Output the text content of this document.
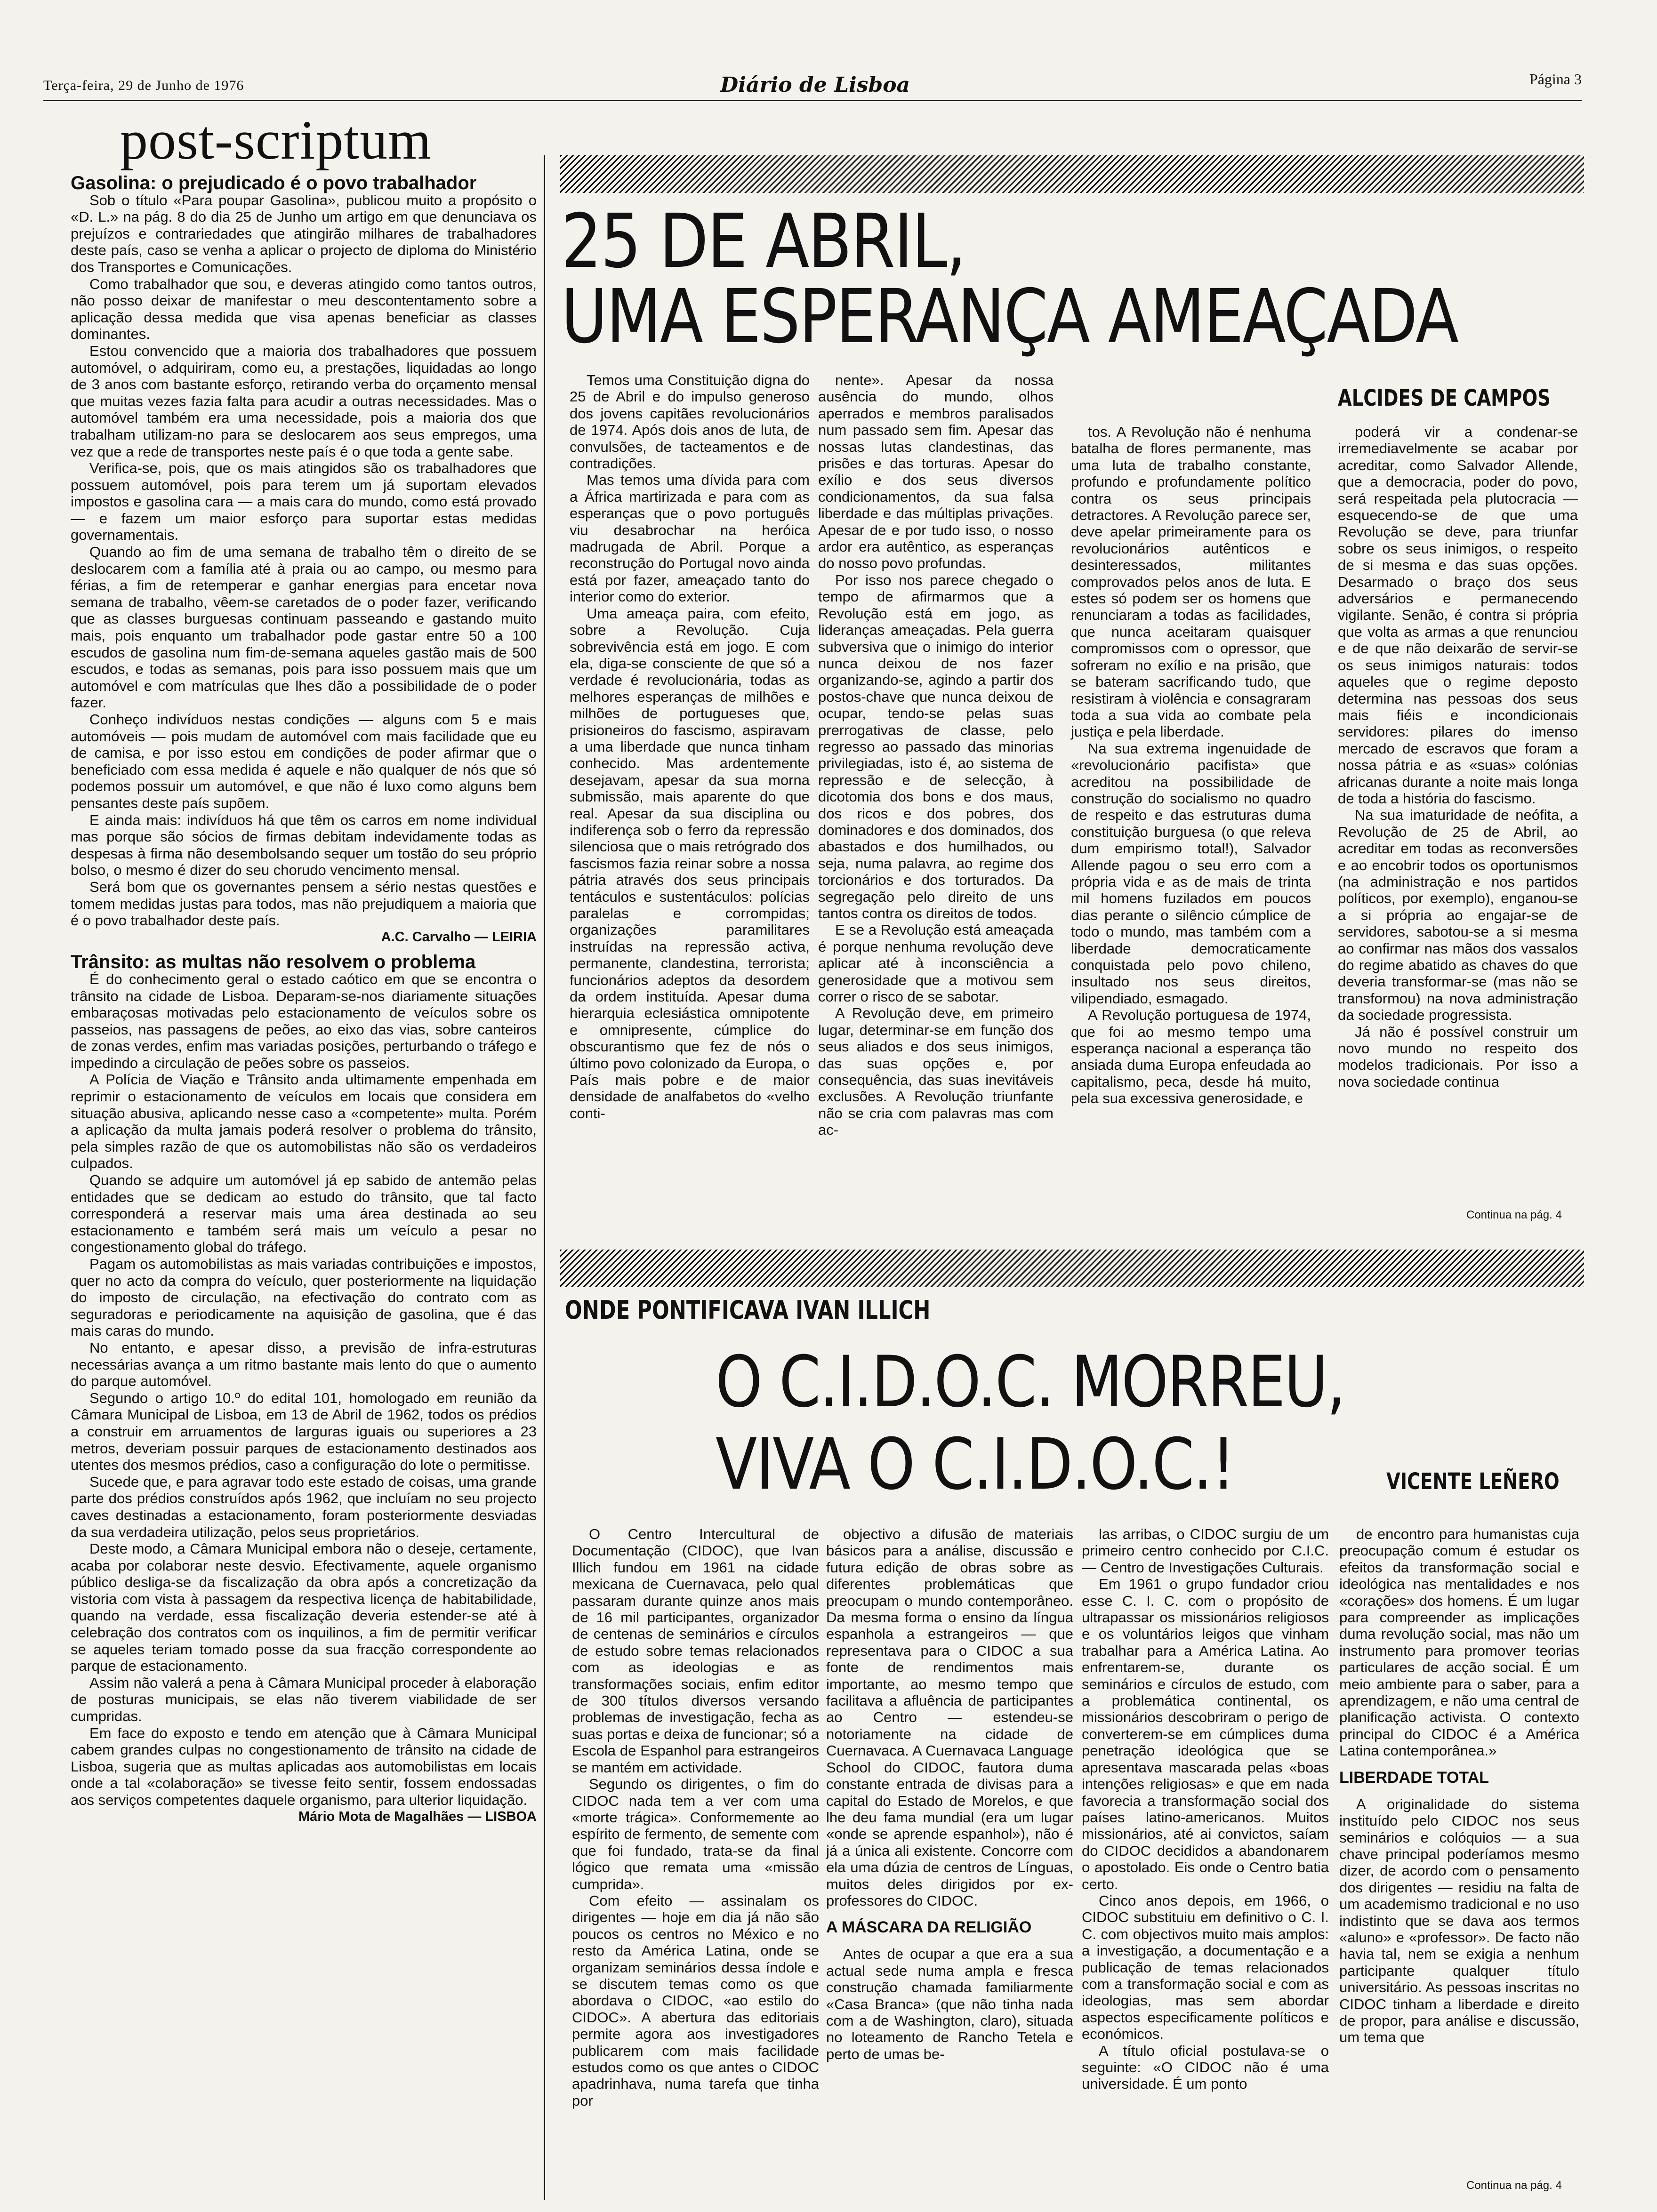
Terça-feira, 29 de Junho de 1976	Diário de Lisboa	Página 3
post-scriptum
Gasolina: o prejudicado é o povo trabalhador

Sob o título «Para poupar Gasolina», publicou muito a propósito o «D. L.» na pág. 8 do dia 25 de Junho um artigo em que denunciava os prejuízos e contrariedades que atingirão milhares de trabalhadores deste país, caso se venha a aplicar o projecto de diploma do Ministério dos Transportes e Comunicações.

Como trabalhador que sou, e deveras atingido como tantos outros, não posso deixar de manifestar o meu descontentamento sobre a aplicação dessa medida que visa apenas beneficiar as classes dominantes.

Estou convencido que a maioria dos trabalhadores que possuem automóvel, o adquiriram, como eu, a prestações, liquidadas ao longo de 3 anos com bastante esforço, retirando verba do orçamento mensal que muitas vezes fazia falta para acudir a outras necessidades. Mas o automóvel também era uma necessidade, pois a maioria dos que trabalham utilizam-no para se deslocarem aos seus empregos, uma vez que a rede de transportes neste país é o que toda a gente sabe.

Verifica-se, pois, que os mais atingidos são os trabalhadores que possuem automóvel, pois para terem um já suportam elevados impostos e gasolina cara — a mais cara do mundo, como está provado — e fazem um maior esforço para suportar estas medidas governamentais.

Quando ao fim de uma semana de trabalho têm o direito de se deslocarem com a família até à praia ou ao campo, ou mesmo para férias, a fim de retemperar e ganhar energias para encetar nova semana de trabalho, vêem-se caretados de o poder fazer, verificando que as classes burguesas continuam passeando e gastando muito mais, pois enquanto um trabalhador pode gastar entre 50 a 100 escudos de gasolina num fim-de-semana aqueles gastão mais de 500 escudos, e todas as semanas, pois para isso possuem mais que um automóvel e com matrículas que lhes dão a possibilidade de o poder fazer.

Conheço indivíduos nestas condições — alguns com 5 e mais automóveis — pois mudam de automóvel com mais facilidade que eu de camisa, e por isso estou em condições de poder afirmar que o beneficiado com essa medida é aquele e não qualquer de nós que só podemos possuir um automóvel, e que não é luxo como alguns bem pensantes deste país supõem.

E ainda mais: indivíduos há que têm os carros em nome individual mas porque são sócios de firmas debitam indevidamente todas as despesas à firma não desembolsando sequer um tostão do seu próprio bolso, o mesmo é dizer do seu chorudo vencimento mensal.

Será bom que os governantes pensem a sério nestas questões e tomem medidas justas para todos, mas não prejudiquem a maioria que é o povo trabalhador deste país.

A.C. Carvalho — LEIRIA
Trânsito: as multas não resolvem o problema

É do conhecimento geral o estado caótico em que se encontra o trânsito na cidade de Lisboa. Deparam-se-nos diariamente situações embaraçosas motivadas pelo estacionamento de veículos sobre os passeios, nas passagens de peões, ao eixo das vias, sobre canteiros de zonas verdes, enfim mas variadas posições, perturbando o tráfego e impedindo a circulação de peões sobre os passeios.

A Polícia de Viação e Trânsito anda ultimamente empenhada em reprimir o estacionamento de veículos em locais que considera em situação abusiva, aplicando nesse caso a «competente» multa. Porém a aplicação da multa jamais poderá resolver o problema do trânsito, pela simples razão de que os automobilistas não são os verdadeiros culpados.

Quando se adquire um automóvel já ep sabido de antemão pelas entidades que se dedicam ao estudo do trânsito, que tal facto corresponderá a reservar mais uma área destinada ao seu estacionamento e também será mais um veículo a pesar no congestionamento global do tráfego.

Pagam os automobilistas as mais variadas contribuições e impostos, quer no acto da compra do veículo, quer posteriormente na liquidação do imposto de circulação, na efectivação do contrato com as seguradoras e periodicamente na aquisição de gasolina, que é das mais caras do mundo.

No entanto, e apesar disso, a previsão de infra-estruturas necessárias avança a um ritmo bastante mais lento do que o aumento do parque automóvel.

Segundo o artigo 10.º do edital 101, homologado em reunião da Câmara Municipal de Lisboa, em 13 de Abril de 1962, todos os prédios a construir em arruamentos de larguras iguais ou superiores a 23 metros, deveriam possuir parques de estacionamento destinados aos utentes dos mesmos prédios, caso a configuração do lote o permitisse.

Sucede que, e para agravar todo este estado de coisas, uma grande parte dos prédios construídos após 1962, que incluíam no seu projecto caves destinadas a estacionamento, foram posteriormente desviadas da sua verdadeira utilização, pelos seus proprietários.

Deste modo, a Câmara Municipal embora não o deseje, certamente, acaba por colaborar neste desvio. Efectivamente, aquele organismo público desliga-se da fiscalização da obra após a concretização da vistoria com vista à passagem da respectiva licença de habitabilidade, quando na verdade, essa fiscalização deveria estender-se até à celebração dos contratos com os inquilinos, a fim de permitir verificar se aqueles teriam tomado posse da sua fracção correspondente ao parque de estacionamento.

Assim não valerá a pena à Câmara Municipal proceder à elaboração de posturas municipais, se elas não tiverem viabilidade de ser cumpridas.

Em face do exposto e tendo em atenção que à Câmara Municipal cabem grandes culpas no congestionamento de trânsito na cidade de Lisboa, sugeria que as multas aplicadas aos automobilistas em locais onde a tal «colaboração» se tivesse feito sentir, fossem endossadas aos serviços competentes daquele organismo, para ulterior liquidação.

Mário Mota de Magalhães — LISBOA
25 DE ABRIL,
UMA ESPERANÇA AMEAÇADA
ALCIDES DE CAMPOS

Temos uma Constituição digna do 25 de Abril e do impulso generoso dos jovens capitães revolucionários de 1974. Após dois anos de luta, de convulsões, de tacteamentos e de contradições.

Mas temos uma dívida para com a África martirizada e para com as esperanças que o povo português viu desabrochar na heróica madrugada de Abril. Porque a reconstrução do Portugal novo ainda está por fazer, ameaçado tanto do interior como do exterior.

Uma ameaça paira, com efeito, sobre a Revolução. Cuja sobrevivência está em jogo. E com ela, diga-se consciente de que só a verdade é revolucionária, todas as melhores esperanças de milhões e milhões de portugueses que, prisioneiros do fascismo, aspiravam a uma liberdade que nunca tinham conhecido. Mas ardentemente desejavam, apesar da sua morna submissão, mais aparente do que real. Apesar da sua disciplina ou indiferença sob o ferro da repressão silenciosa que o mais retrógrado dos fascismos fazia reinar sobre a nossa pátria através dos seus principais tentáculos e sustentáculos: polícias paralelas e corrompidas; organizações paramilitares instruídas na repressão activa, permanente, clandestina, terrorista; funcionários adeptos da desordem da ordem instituída. Apesar duma hierarquia eclesiástica omnipotente e omnipresente, cúmplice do obscurantismo que fez de nós o último povo colonizado da Europa, o País mais pobre e de maior densidade de analfabetos do «velho conti-

nente». Apesar da nossa ausência do mundo, olhos aperrados e membros paralisados num passado sem fim. Apesar das nossas lutas clandestinas, das prisões e das torturas. Apesar do exílio e dos seus diversos condicionamentos, da sua falsa liberdade e das múltiplas privações. Apesar de e por tudo isso, o nosso ardor era autêntico, as esperanças do nosso povo profundas.

Por isso nos parece chegado o tempo de afirmarmos que a Revolução está em jogo, as lideranças ameaçadas. Pela guerra subversiva que o inimigo do interior nunca deixou de nos fazer organizando-se, agindo a partir dos postos-chave que nunca deixou de ocupar, tendo-se pelas suas prerrogativas de classe, pelo regresso ao passado das minorias privilegiadas, isto é, ao sistema de repressão e de selecção, à dicotomia dos bons e dos maus, dos ricos e dos pobres, dos dominadores e dos dominados, dos abastados e dos humilhados, ou seja, numa palavra, ao regime dos torcionários e dos torturados. Da segregação pelo direito de uns tantos contra os direitos de todos.

E se a Revolução está ameaçada é porque nenhuma revolução deve aplicar até à inconsciência a generosidade que a motivou sem correr o risco de se sabotar.

A Revolução deve, em primeiro lugar, determinar-se em função dos seus aliados e dos seus inimigos, das suas opções e, por consequência, das suas inevitáveis exclusões. A Revolução triunfante não se cria com palavras mas com ac-

tos. A Revolução não é nenhuma batalha de flores permanente, mas uma luta de trabalho constante, profundo e profundamente político contra os seus principais detractores. A Revolução parece ser, deve apelar primeiramente para os revolucionários autênticos e desinteressados, militantes comprovados pelos anos de luta. E estes só podem ser os homens que renunciaram a todas as facilidades, que nunca aceitaram quaisquer compromissos com o opressor, que sofreram no exílio e na prisão, que se bateram sacrificando tudo, que resistiram à violência e consagraram toda a sua vida ao combate pela justiça e pela liberdade.

Na sua extrema ingenuidade de «revolucionário pacifista» que acreditou na possibilidade de construção do socialismo no quadro de respeito e das estruturas duma constituição burguesa (o que releva dum empirismo total!), Salvador Allende pagou o seu erro com a própria vida e as de mais de trinta mil homens fuzilados em poucos dias perante o silêncio cúmplice de todo o mundo, mas também com a liberdade democraticamente conquistada pelo povo chileno, insultado nos seus direitos, vilipendiado, esmagado.

A Revolução portuguesa de 1974, que foi ao mesmo tempo uma esperança nacional a esperança tão ansiada duma Europa enfeudada ao capitalismo, peca, desde há muito, pela sua excessiva generosidade, e

poderá vir a condenar-se irremediavelmente se acabar por acreditar, como Salvador Allende, que a democracia, poder do povo, será respeitada pela plutocracia — esquecendo-se de que uma Revolução se deve, para triunfar sobre os seus inimigos, o respeito de si mesma e das suas opções. Desarmado o braço dos seus adversários e permanecendo vigilante. Senão, é contra si própria que volta as armas a que renunciou e de que não deixarão de servir-se os seus inimigos naturais: todos aqueles que o regime deposto determina nas pessoas dos seus mais fiéis e incondicionais servidores: pilares do imenso mercado de escravos que foram a nossa pátria e as «suas» colónias africanas durante a noite mais longa de toda a história do fascismo.

Na sua imaturidade de neófita, a Revolução de 25 de Abril, ao acreditar em todas as reconversões e ao encobrir todos os oportunismos (na administração e nos partidos políticos, por exemplo), enganou-se a si própria ao engajar-se de servidores, sabotou-se a si mesma ao confirmar nas mãos dos vassalos do regime abatido as chaves do que deveria transformar-se (mas não se transformou) na nova administração da sociedade progressista.

Já não é possível construir um novo mundo no respeito dos modelos tradicionais. Por isso a nova sociedade continua

Continua na pág. 4
ONDE PONTIFICAVA IVAN ILLICH
O C.I.D.O.C. MORREU,
VIVA O C.I.D.O.C.!	VICENTE LEÑERO

O Centro Intercultural de Documentação (CIDOC), que Ivan Illich fundou em 1961 na cidade mexicana de Cuernavaca, pelo qual passaram durante quinze anos mais de 16 mil participantes, organizador de centenas de seminários e círculos de estudo sobre temas relacionados com as ideologias e as transformações sociais, enfim editor de 300 títulos diversos versando problemas de investigação, fecha as suas portas e deixa de funcionar; só a Escola de Espanhol para estrangeiros se mantém em actividade.

Segundo os dirigentes, o fim do CIDOC nada tem a ver com uma «morte trágica». Conformemente ao espírito de fermento, de semente com que foi fundado, trata-se da final lógico que remata uma «missão cumprida».

Com efeito — assinalam os dirigentes — hoje em dia já não são poucos os centros no México e no resto da América Latina, onde se organizam seminários dessa índole e se discutem temas como os que abordava o CIDOC, «ao estilo do CIDOC». A abertura das editoriais permite agora aos investigadores publicarem com mais facilidade estudos como os que antes o CIDOC apadrinhava, numa tarefa que tinha por

objectivo a difusão de materiais básicos para a análise, discussão e futura edição de obras sobre as diferentes problemáticas que preocupam o mundo contemporâneo. Da mesma forma o ensino da língua espanhola a estrangeiros — que representava para o CIDOC a sua fonte de rendimentos mais importante, ao mesmo tempo que facilitava a afluência de participantes ao Centro — estendeu-se notoriamente na cidade de Cuernavaca. A Cuernavaca Language School do CIDOC, fautora duma constante entrada de divisas para a capital do Estado de Morelos, e que lhe deu fama mundial (era um lugar «onde se aprende espanhol»), não é já a única ali existente. Concorre com ela uma dúzia de centros de Línguas, muitos deles dirigidos por ex-professores do CIDOC.

A MÁSCARA DA RELIGIÃO

Antes de ocupar a que era a sua actual sede numa ampla e fresca construção chamada familiarmente «Casa Branca» (que não tinha nada com a de Washington, claro), situada no loteamento de Rancho Tetela e perto de umas be-

las arribas, o CIDOC surgiu de um primeiro centro conhecido por C.I.C. — Centro de Investigações Culturais.

Em 1961 o grupo fundador criou esse C. I. C. com o propósito de ultrapassar os missionários religiosos e os voluntários leigos que vinham trabalhar para a América Latina. Ao enfrentarem-se, durante os seminários e círculos de estudo, com a problemática continental, os missionários descobriram o perigo de converterem-se em cúmplices duma penetração ideológica que se apresentava mascarada pelas «boas intenções religiosas» e que em nada favorecia a transformação social dos países latino-americanos. Muitos missionários, até ai convictos, saíam do CIDOC decididos a abandonarem o apostolado. Eis onde o Centro batia certo.

Cinco anos depois, em 1966, o CIDOC substituiu em definitivo o C. I. C. com objectivos muito mais amplos: a investigação, a documentação e a publicação de temas relacionados com a transformação social e com as ideologias, mas sem abordar aspectos especificamente políticos e económicos.

A título oficial postulava-se o seguinte: «O CIDOC não é uma universidade. É um ponto

de encontro para humanistas cuja preocupação comum é estudar os efeitos da transformação social e ideológica nas mentalidades e nos «corações» dos homens. É um lugar para compreender as implicações duma revolução social, mas não um instrumento para promover teorias particulares de acção social. É um meio ambiente para o saber, para a aprendizagem, e não uma central de planificação activista. O contexto principal do CIDOC é a América Latina contemporânea.»

LIBERDADE TOTAL

A originalidade do sistema instituído pelo CIDOC nos seus seminários e colóquios — a sua chave principal poderíamos mesmo dizer, de acordo com o pensamento dos dirigentes — residiu na falta de um academismo tradicional e no uso indistinto que se dava aos termos «aluno» e «professor». De facto não havia tal, nem se exigia a nenhum participante qualquer título universitário. As pessoas inscritas no CIDOC tinham a liberdade e direito de propor, para análise e discussão, um tema que

Continua na pág. 4
